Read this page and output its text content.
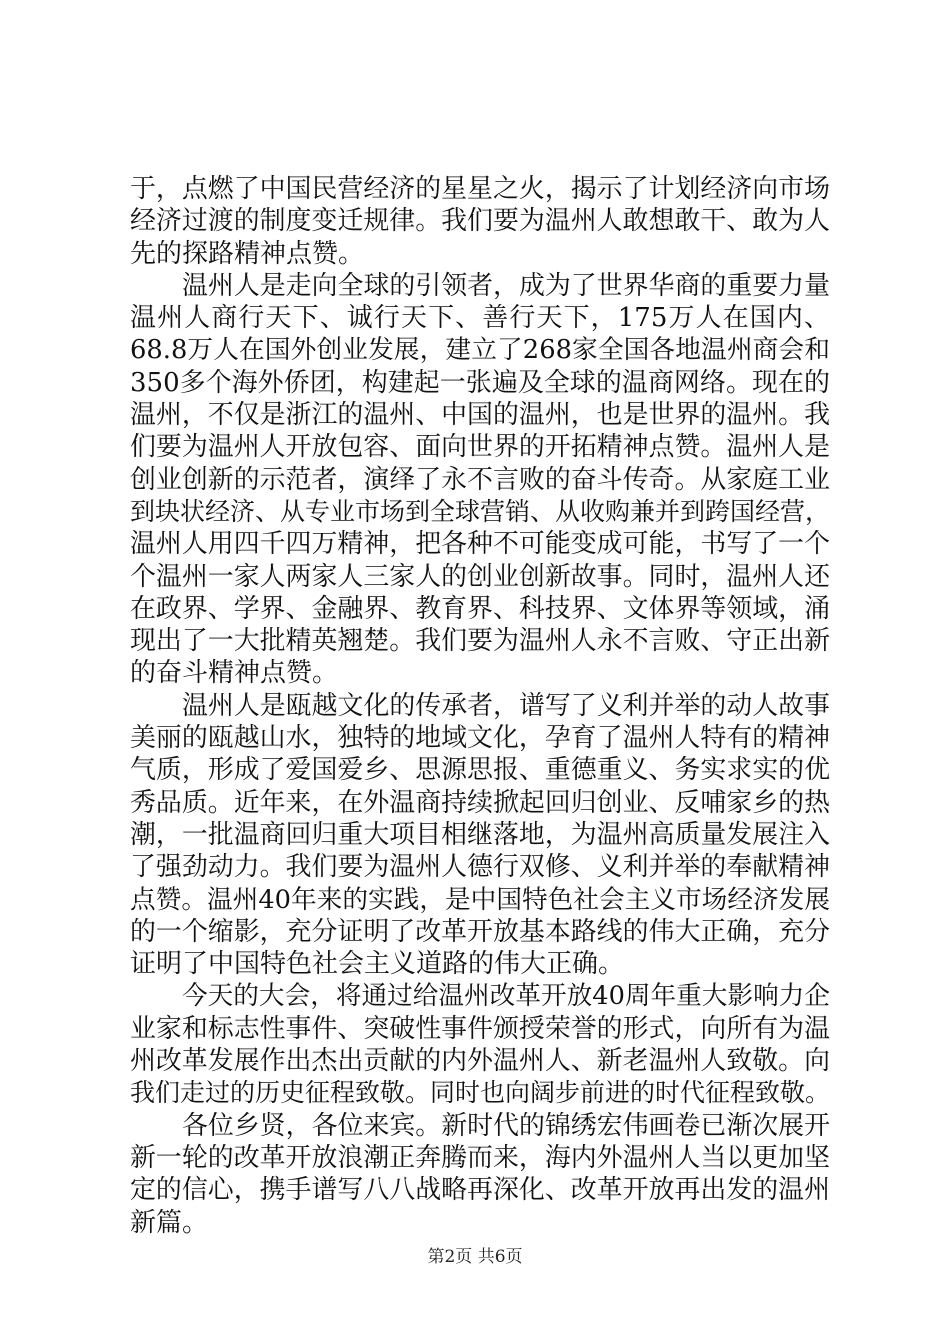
于，点燃了中国民营经济的星星之火，揭示了计划经济向市场
经济过渡的制度变迁规律。我们要为温州人敢想敢干、敢为人
先的探路精神点赞。
温州人是走向全球的引领者，成为了世界华商的重要力量
温州人商行天下、诚行天下、善行天下，175万人在国内、
68.8万人在国外创业发展，建立了268家全国各地温州商会和
350多个海外侨团，构建起一张遍及全球的温商网络。现在的
温州，不仅是浙江的温州、中国的温州，也是世界的温州。我
们要为温州人开放包容、面向世界的开拓精神点赞。温州人是
创业创新的示范者，演绎了永不言败的奋斗传奇。从家庭工业
到块状经济、从专业市场到全球营销、从收购兼并到跨国经营，
温州人用四千四万精神，把各种不可能变成可能，书写了一个
个温州一家人两家人三家人的创业创新故事。同时，温州人还
在政界、学界、金融界、教育界、科技界、文体界等领域，涌
现出了一大批精英翘楚。我们要为温州人永不言败、守正出新
的奋斗精神点赞。
温州人是瓯越文化的传承者，谱写了义利并举的动人故事
美丽的瓯越山水，独特的地域文化，孕育了温州人特有的精神
气质，形成了爱国爱乡、思源思报、重德重义、务实求实的优
秀品质。近年来，在外温商持续掀起回归创业、反哺家乡的热
潮，一批温商回归重大项目相继落地，为温州高质量发展注入
了强劲动力。我们要为温州人德行双修、义利并举的奉献精神
点赞。温州40年来的实践，是中国特色社会主义市场经济发展
的一个缩影，充分证明了改革开放基本路线的伟大正确，充分
证明了中国特色社会主义道路的伟大正确。
今天的大会，将通过给温州改革开放40周年重大影响力企
业家和标志性事件、突破性事件颁授荣誉的形式，向所有为温
州改革发展作出杰出贡献的内外温州人、新老温州人致敬。向
我们走过的历史征程致敬。同时也向阔步前进的时代征程致敬。
各位乡贤，各位来宾。新时代的锦绣宏伟画卷已渐次展开
新一轮的改革开放浪潮正奔腾而来，海内外温州人当以更加坚
定的信心，携手谱写八八战略再深化、改革开放再出发的温州
新篇。
第2页 共6页
